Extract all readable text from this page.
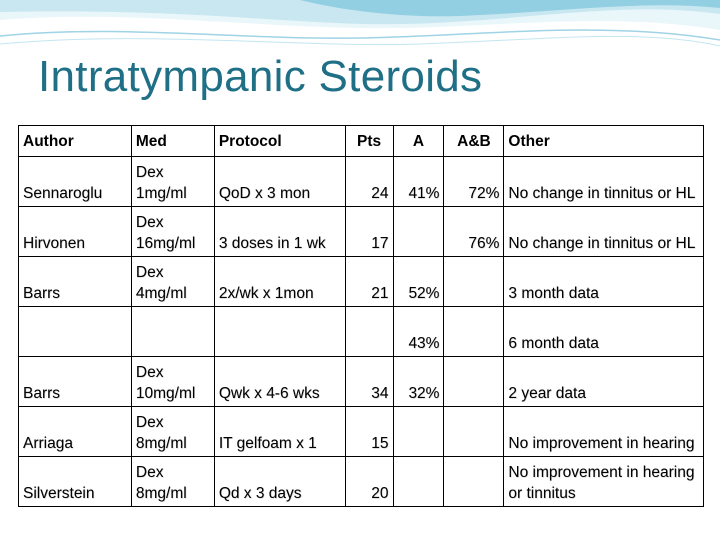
Intratympanic Steroids
Author	Med	Protocol	Pts	A	A&B	Other
Sennaroglu	Dex 1mg/ml	QoD x 3 mon	24	41%	72%	No change in tinnitus or HL
Hirvonen	Dex 16mg/ml	3 doses in 1 wk	17		76%	No change in tinnitus or HL
Barrs	Dex 4mg/ml	2x/wk x 1mon	21	52%		3 month data
				43%		6 month data
Barrs	Dex 10mg/ml	Qwk x 4-6 wks	34	32%		2 year data
Arriaga	Dex 8mg/ml	IT gelfoam x 1	15			No improvement in hearing
Silverstein	Dex 8mg/ml	Qd x 3 days	20			No improvement in hearing or tinnitus
